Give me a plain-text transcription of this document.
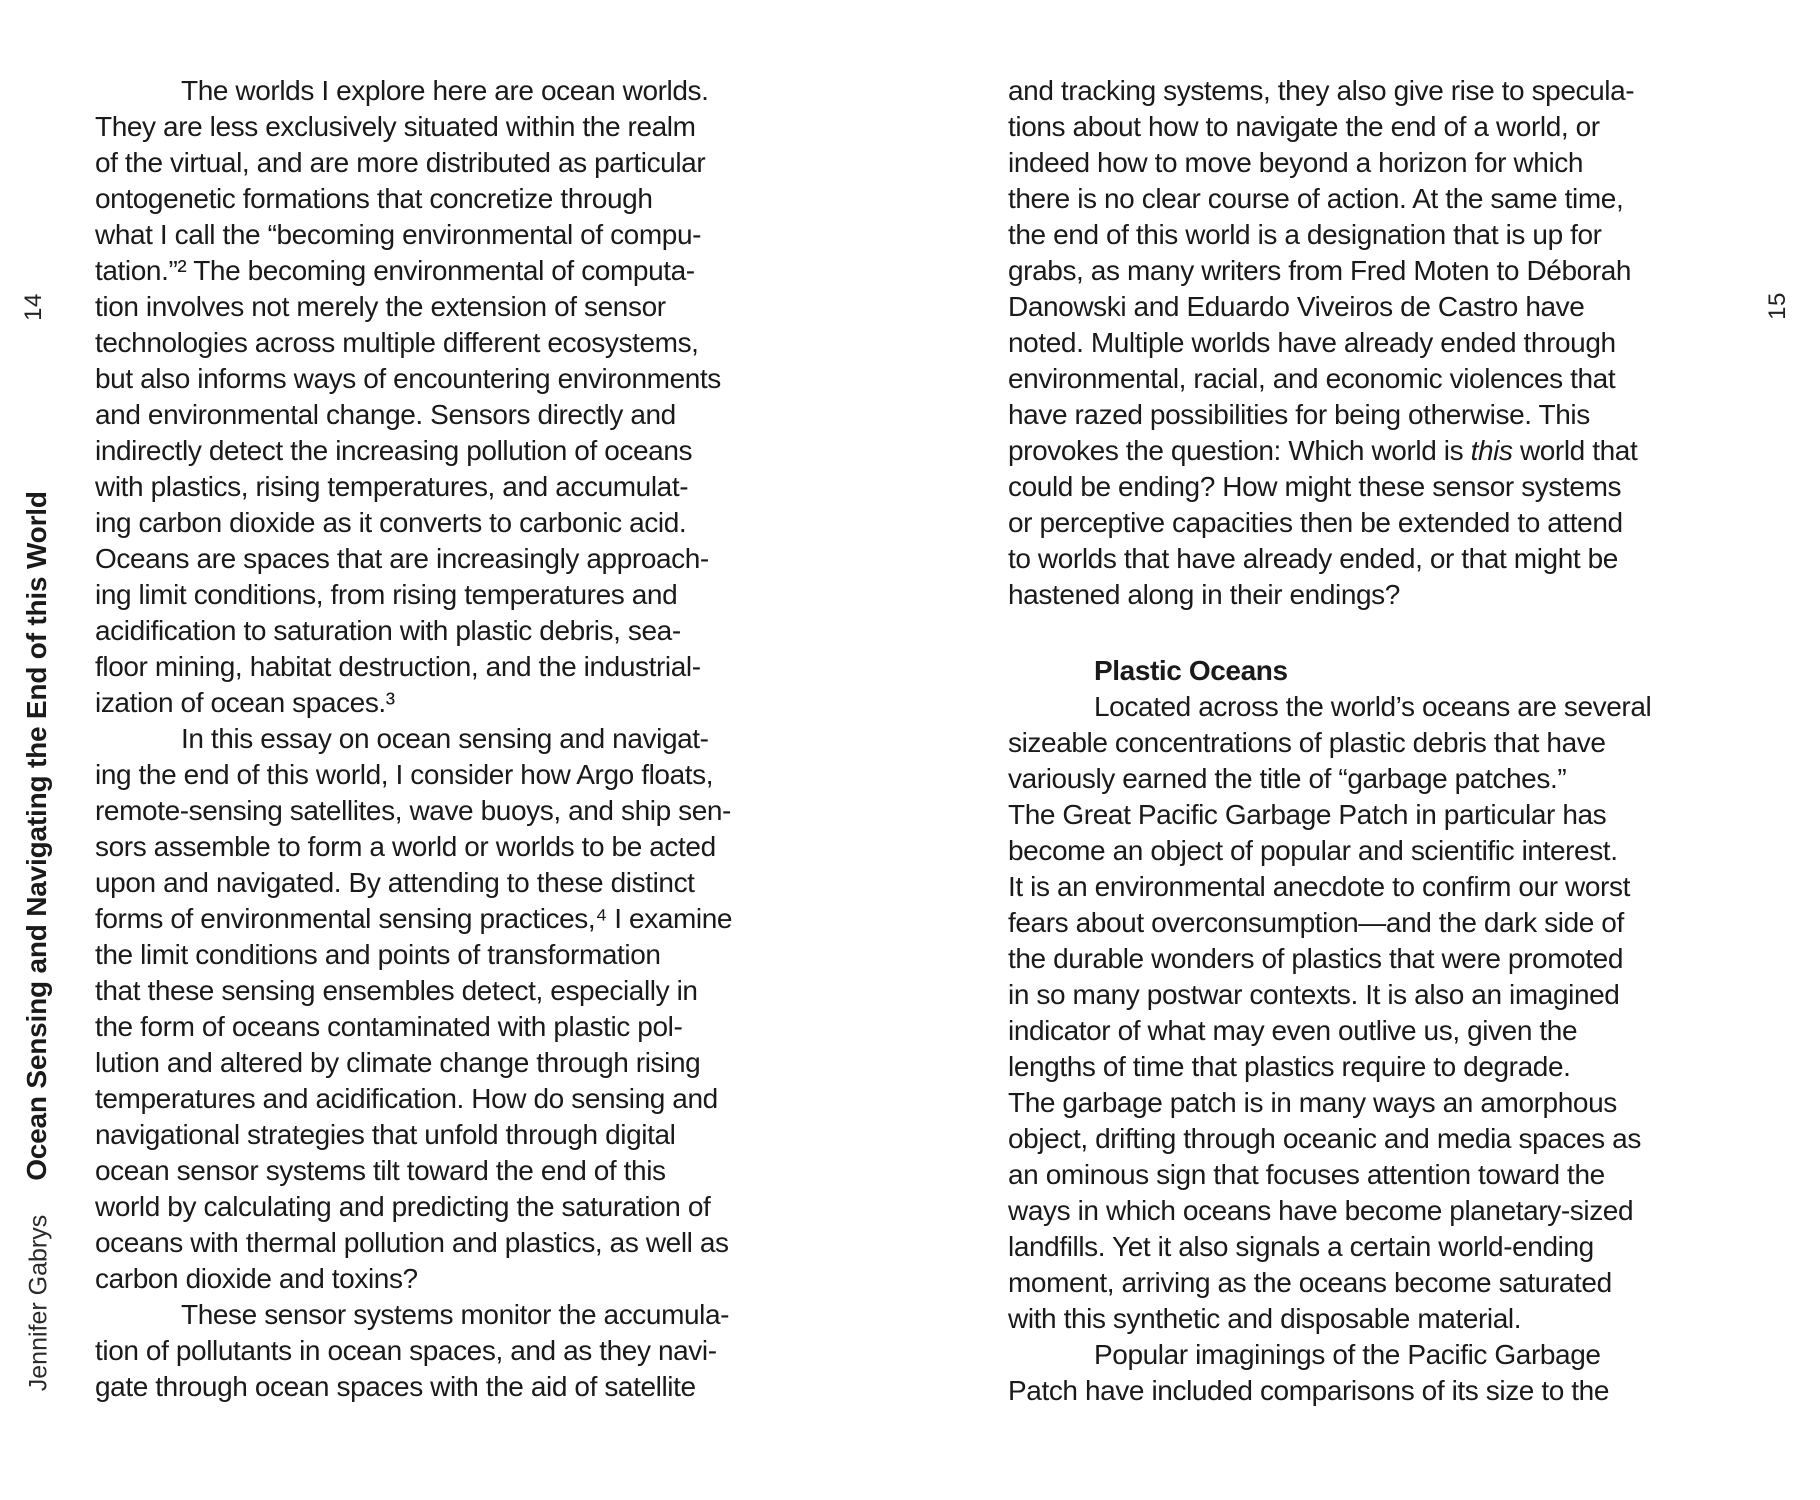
14
Ocean Sensing and Navigating the End of this World
Jennifer Gabrys
15
The worlds I explore here are ocean worlds.
They are less exclusively situated within the realm
of the virtual, and are more distributed as particular
ontogenetic formations that concretize through
what I call the “becoming environmental of compu-
tation.”² The becoming environmental of computa-
tion involves not merely the extension of sensor
technologies across multiple different ecosystems,
but also informs ways of encountering environments
and environmental change. Sensors directly and
indirectly detect the increasing pollution of oceans
with plastics, rising temperatures, and accumulat-
ing carbon dioxide as it converts to carbonic acid.
Oceans are spaces that are increasingly approach-
ing limit conditions, from rising temperatures and
acidification to saturation with plastic debris, sea-
floor mining, habitat destruction, and the industrial-
ization of ocean spaces.³
In this essay on ocean sensing and navigat-
ing the end of this world, I consider how Argo floats,
remote-sensing satellites, wave buoys, and ship sen-
sors assemble to form a world or worlds to be acted
upon and navigated. By attending to these distinct
forms of environmental sensing practices,⁴ I examine
the limit conditions and points of transformation
that these sensing ensembles detect, especially in
the form of oceans contaminated with plastic pol-
lution and altered by climate change through rising
temperatures and acidification. How do sensing and
navigational strategies that unfold through digital
ocean sensor systems tilt toward the end of this
world by calculating and predicting the saturation of
oceans with thermal pollution and plastics, as well as
carbon dioxide and toxins?
These sensor systems monitor the accumula-
tion of pollutants in ocean spaces, and as they navi-
gate through ocean spaces with the aid of satellite
and tracking systems, they also give rise to specula-
tions about how to navigate the end of a world, or
indeed how to move beyond a horizon for which
there is no clear course of action. At the same time,
the end of this world is a designation that is up for
grabs, as many writers from Fred Moten to Déborah
Danowski and Eduardo Viveiros de Castro have
noted. Multiple worlds have already ended through
environmental, racial, and economic violences that
have razed possibilities for being otherwise. This
provokes the question: Which world is this world that
could be ending? How might these sensor systems
or perceptive capacities then be extended to attend
to worlds that have already ended, or that might be
hastened along in their endings?
Plastic Oceans
Located across the world’s oceans are several
sizeable concentrations of plastic debris that have
variously earned the title of “garbage patches.”
The Great Pacific Garbage Patch in particular has
become an object of popular and scientific interest.
It is an environmental anecdote to confirm our worst
fears about overconsumption—and the dark side of
the durable wonders of plastics that were promoted
in so many postwar contexts. It is also an imagined
indicator of what may even outlive us, given the
lengths of time that plastics require to degrade.
The garbage patch is in many ways an amorphous
object, drifting through oceanic and media spaces as
an ominous sign that focuses attention toward the
ways in which oceans have become planetary-sized
landfills. Yet it also signals a certain world-ending
moment, arriving as the oceans become saturated
with this synthetic and disposable material.
Popular imaginings of the Pacific Garbage
Patch have included comparisons of its size to the
